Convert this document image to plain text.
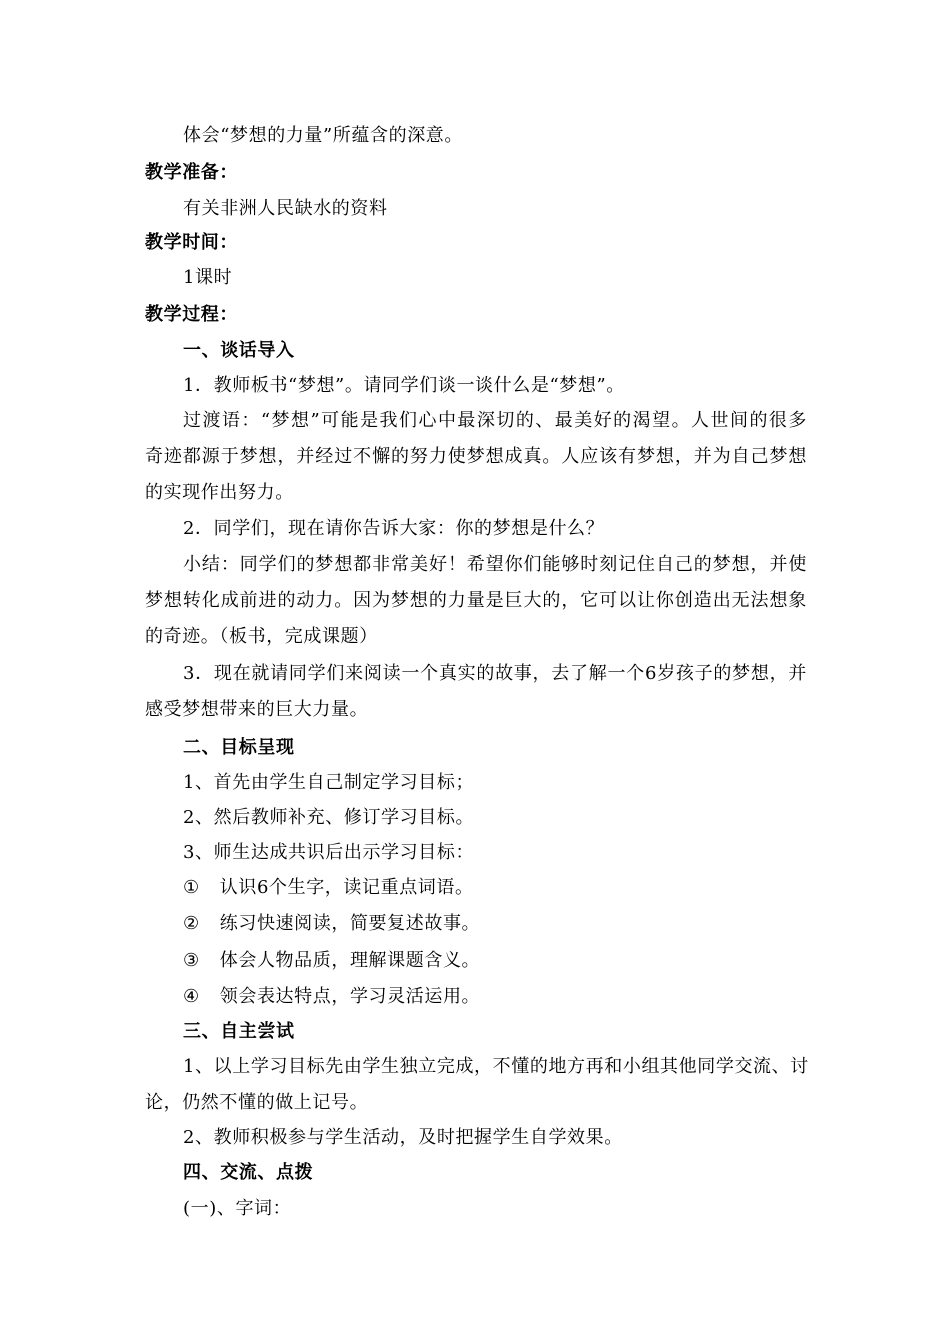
体会“梦想的力量”所蕴含的深意。
教学准备：
有关非洲人民缺水的资料
教学时间：
1课时
教学过程：
一、谈话导入
1．教师板书“梦想”。请同学们谈一谈什么是“梦想”。
过渡语：“梦想”可能是我们心中最深切的、最美好的渴望。人世间的很多
奇迹都源于梦想，并经过不懈的努力使梦想成真。人应该有梦想，并为自己梦想
的实现作出努力。
2．同学们，现在请你告诉大家：你的梦想是什么？
小结：同学们的梦想都非常美好！希望你们能够时刻记住自己的梦想，并使
梦想转化成前进的动力。因为梦想的力量是巨大的，它可以让你创造出无法想象
的奇迹。（板书，完成课题）
3．现在就请同学们来阅读一个真实的故事，去了解一个6岁孩子的梦想，并
感受梦想带来的巨大力量。
二、目标呈现
1、首先由学生自己制定学习目标；
2、然后教师补充、修订学习目标。
3、师生达成共识后出示学习目标：
① 认识6个生字，读记重点词语。
② 练习快速阅读，简要复述故事。
③ 体会人物品质，理解课题含义。
④ 领会表达特点，学习灵活运用。
三、自主尝试
1、以上学习目标先由学生独立完成，不懂的地方再和小组其他同学交流、讨
论，仍然不懂的做上记号。
2、教师积极参与学生活动，及时把握学生自学效果。
四、交流、点拨
(一)、字词：
